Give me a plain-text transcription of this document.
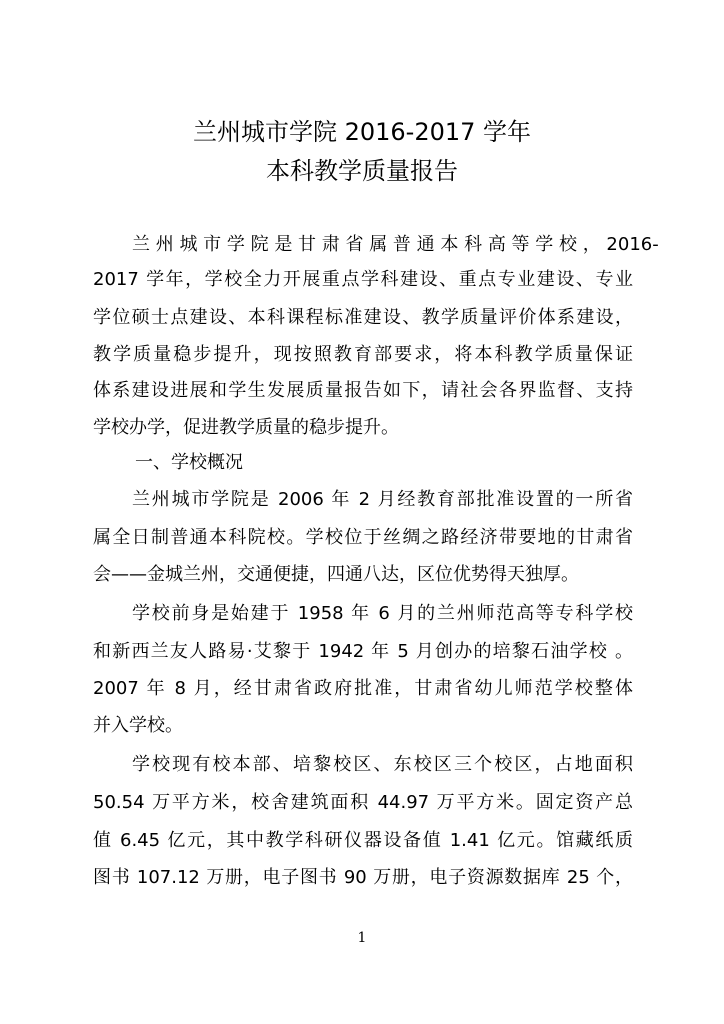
兰州城市学院 2016-2017 学年
本科教学质量报告

兰 州 城 市 学 院 是 甘 肃 省 属 普 通 本 科 高 等 学 校 ， 2016-

2017 学年，学校全力开展重点学科建设、重点专业建设、专业

学位硕士点建设、本科课程标准建设、教学质量评价体系建设，

教学质量稳步提升，现按照教育部要求，将本科教学质量保证

体系建设进展和学生发展质量报告如下，请社会各界监督、支持

学校办学，促进教学质量的稳步提升。

一、学校概况

兰州城市学院是 2006 年 2 月经教育部批准设置的一所省

属全日制普通本科院校。学校位于丝绸之路经济带要地的甘肃省

会——金城兰州，交通便捷，四通八达，区位优势得天独厚。

学校前身是始建于 1958 年 6 月的兰州师范高等专科学校

和新西兰友人路易·艾黎于 1942 年 5 月创办的培黎石油学校 。

2007 年 8 月，经甘肃省政府批准，甘肃省幼儿师范学校整体

并入学校。

学校现有校本部、培黎校区、东校区三个校区，占地面积

50.54 万平方米，校舍建筑面积 44.97 万平方米。固定资产总

值 6.45 亿元，其中教学科研仪器设备值 1.41 亿元。馆藏纸质

图书 107.12 万册，电子图书 90 万册，电子资源数据库 25 个，

1
